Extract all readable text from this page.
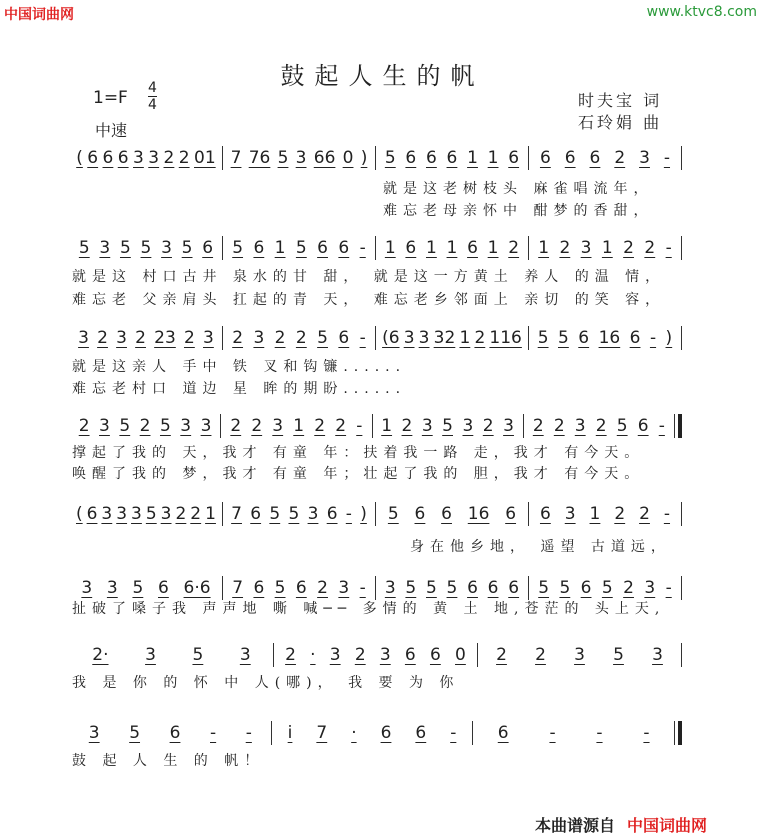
中国词曲网	www.ktvc8.com
鼓起人生的帆
1=F 4
4
中速
时夫宝 词
石玲娟 曲
( 6 6 6 3 3 2 2 01 7 76 5 3 66 0 ) 5 6 6 6 1 1 6 6 6 6 2 3 -
就是这老树枝头 麻雀唱流年，
难忘老母亲怀中 酣梦的香甜，
5 3 5 5 3 5 6 5 6 1 5 6 6 - 1 6 1 1 6 1 2 1 2 3 1 2 2 -
就是这 村口古井 泉水的甘 甜， 就是这一方黄土 养人 的温 情，
难忘老 父亲肩头 扛起的青 天， 难忘老乡邻面上 亲切 的笑 容，
3 2 3 2 23 2 3 2 3 2 2 5 6 - (6 3 3 32 1 2 116 5 5 6 16 6 - )
就是这亲人 手中 铁 叉和钩镰......
难忘老村口 道边 星 眸的期盼......
2 3 5 2 5 3 3 2 2 3 1 2 2 - 1 2 3 5 3 2 3 2 2 3 2 5 6 -
撑起了我的 天，我才 有童 年：扶着我一路 走，我才 有今天。
唤醒了我的 梦，我才 有童 年；壮起了我的 胆，我才 有今天。
( 6 3 3 3 5 3 2 2 1 7 6 5 5 3 6 - ) 5 6 6 16 6 6 3 1 2 2 -
身在他乡地， 遥望 古道远，
3 3 5 6 6·6 7 6 5 6 2 3 - 3 5 5 5 6 6 6 5 5 6 5 2 3 -
扯破了嗓子我 声声地 嘶 喊── 多情的 黄 土 地,苍茫的 头上天,
2· 3 5 3 2 · 3 2 3 6 6 0 2 2 3 5 3
我 是 你 的 怀 中 人(哪)， 我 要 为 你
3 5 6 - - i 7 · 6 6 - 6 - - -
鼓 起 人 生 的 帆！
本曲谱源自 中国词曲网
